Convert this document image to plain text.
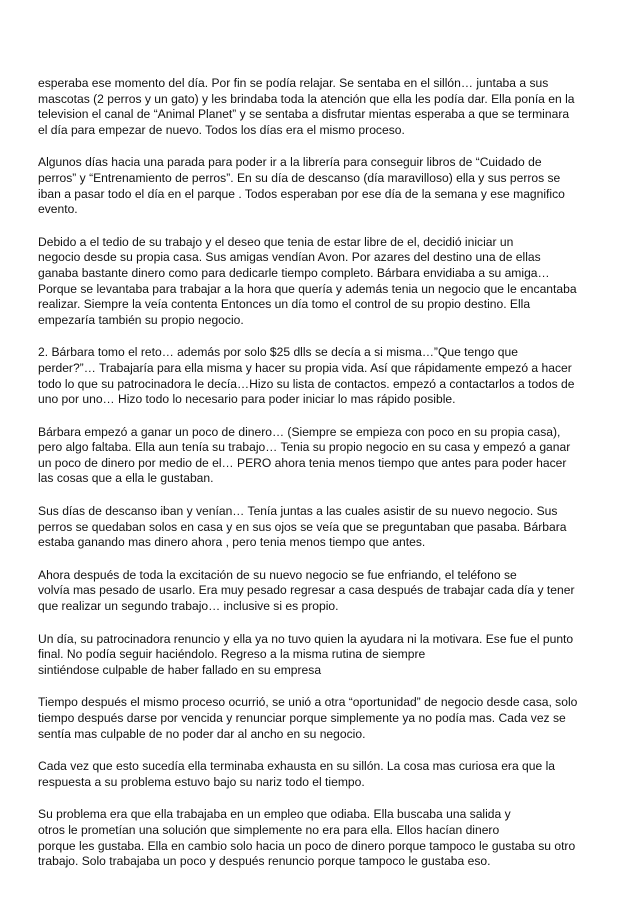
esperaba ese momento del día. Por fin se podía relajar. Se sentaba en el sillón… juntaba a sus
mascotas (2 perros y un gato) y les brindaba toda la atención que ella les podía dar. Ella ponía en la
television el canal de “Animal Planet” y se sentaba a disfrutar mientas esperaba a que se terminara
el día para empezar de nuevo. Todos los días era el mismo proceso.

Algunos días hacia una parada para poder ir a la librería para conseguir libros de “Cuidado de
perros” y “Entrenamiento de perros”. En su día de descanso (día maravilloso) ella y sus perros se
iban a pasar todo el día en el parque . Todos esperaban por ese día de la semana y ese magnifico
evento.

Debido a el tedio de su trabajo y el deseo que tenia de estar libre de el, decidió iniciar un
negocio desde su propia casa. Sus amigas vendían Avon. Por azares del destino una de ellas
ganaba bastante dinero como para dedicarle tiempo completo. Bárbara envidiaba a su amiga…
Porque se levantaba para trabajar a la hora que quería y además tenia un negocio que le encantaba
realizar. Siempre la veía contenta Entonces un día tomo el control de su propio destino. Ella
empezaría también su propio negocio.

2. Bárbara tomo el reto… además por solo $25 dlls se decía a si misma…”Que tengo que
perder?”… Trabajaría para ella misma y hacer su propia vida. Así que rápidamente empezó a hacer
todo lo que su patrocinadora le decía…Hizo su lista de contactos. empezó a contactarlos a todos de
uno por uno… Hizo todo lo necesario para poder iniciar lo mas rápido posible.

Bárbara empezó a ganar un poco de dinero… (Siempre se empieza con poco en su propia casa),
pero algo faltaba. Ella aun tenía su trabajo… Tenia su propio negocio en su casa y empezó a ganar
un poco de dinero por medio de el… PERO ahora tenia menos tiempo que antes para poder hacer
las cosas que a ella le gustaban.

Sus días de descanso iban y venían… Tenía juntas a las cuales asistir de su nuevo negocio. Sus
perros se quedaban solos en casa y en sus ojos se veía que se preguntaban que pasaba. Bárbara
estaba ganando mas dinero ahora , pero tenia menos tiempo que antes.

Ahora después de toda la excitación de su nuevo negocio se fue enfriando, el teléfono se
volvía mas pesado de usarlo. Era muy pesado regresar a casa después de trabajar cada día y tener
que realizar un segundo trabajo… inclusive si es propio.

Un día, su patrocinadora renuncio y ella ya no tuvo quien la ayudara ni la motivara. Ese fue el punto
final. No podía seguir haciéndolo. Regreso a la misma rutina de siempre
sintiéndose culpable de haber fallado en su empresa

Tiempo después el mismo proceso ocurrió, se unió a otra “oportunidad” de negocio desde casa, solo
tiempo después darse por vencida y renunciar porque simplemente ya no podía mas. Cada vez se
sentía mas culpable de no poder dar al ancho en su negocio.

Cada vez que esto sucedía ella terminaba exhausta en su sillón. La cosa mas curiosa era que la
respuesta a su problema estuvo bajo su nariz todo el tiempo.

Su problema era que ella trabajaba en un empleo que odiaba. Ella buscaba una salida y
otros le prometían una solución que simplemente no era para ella. Ellos hacían dinero
porque les gustaba. Ella en cambio solo hacia un poco de dinero porque tampoco le gustaba su otro
trabajo. Solo trabajaba un poco y después renuncio porque tampoco le gustaba eso.
